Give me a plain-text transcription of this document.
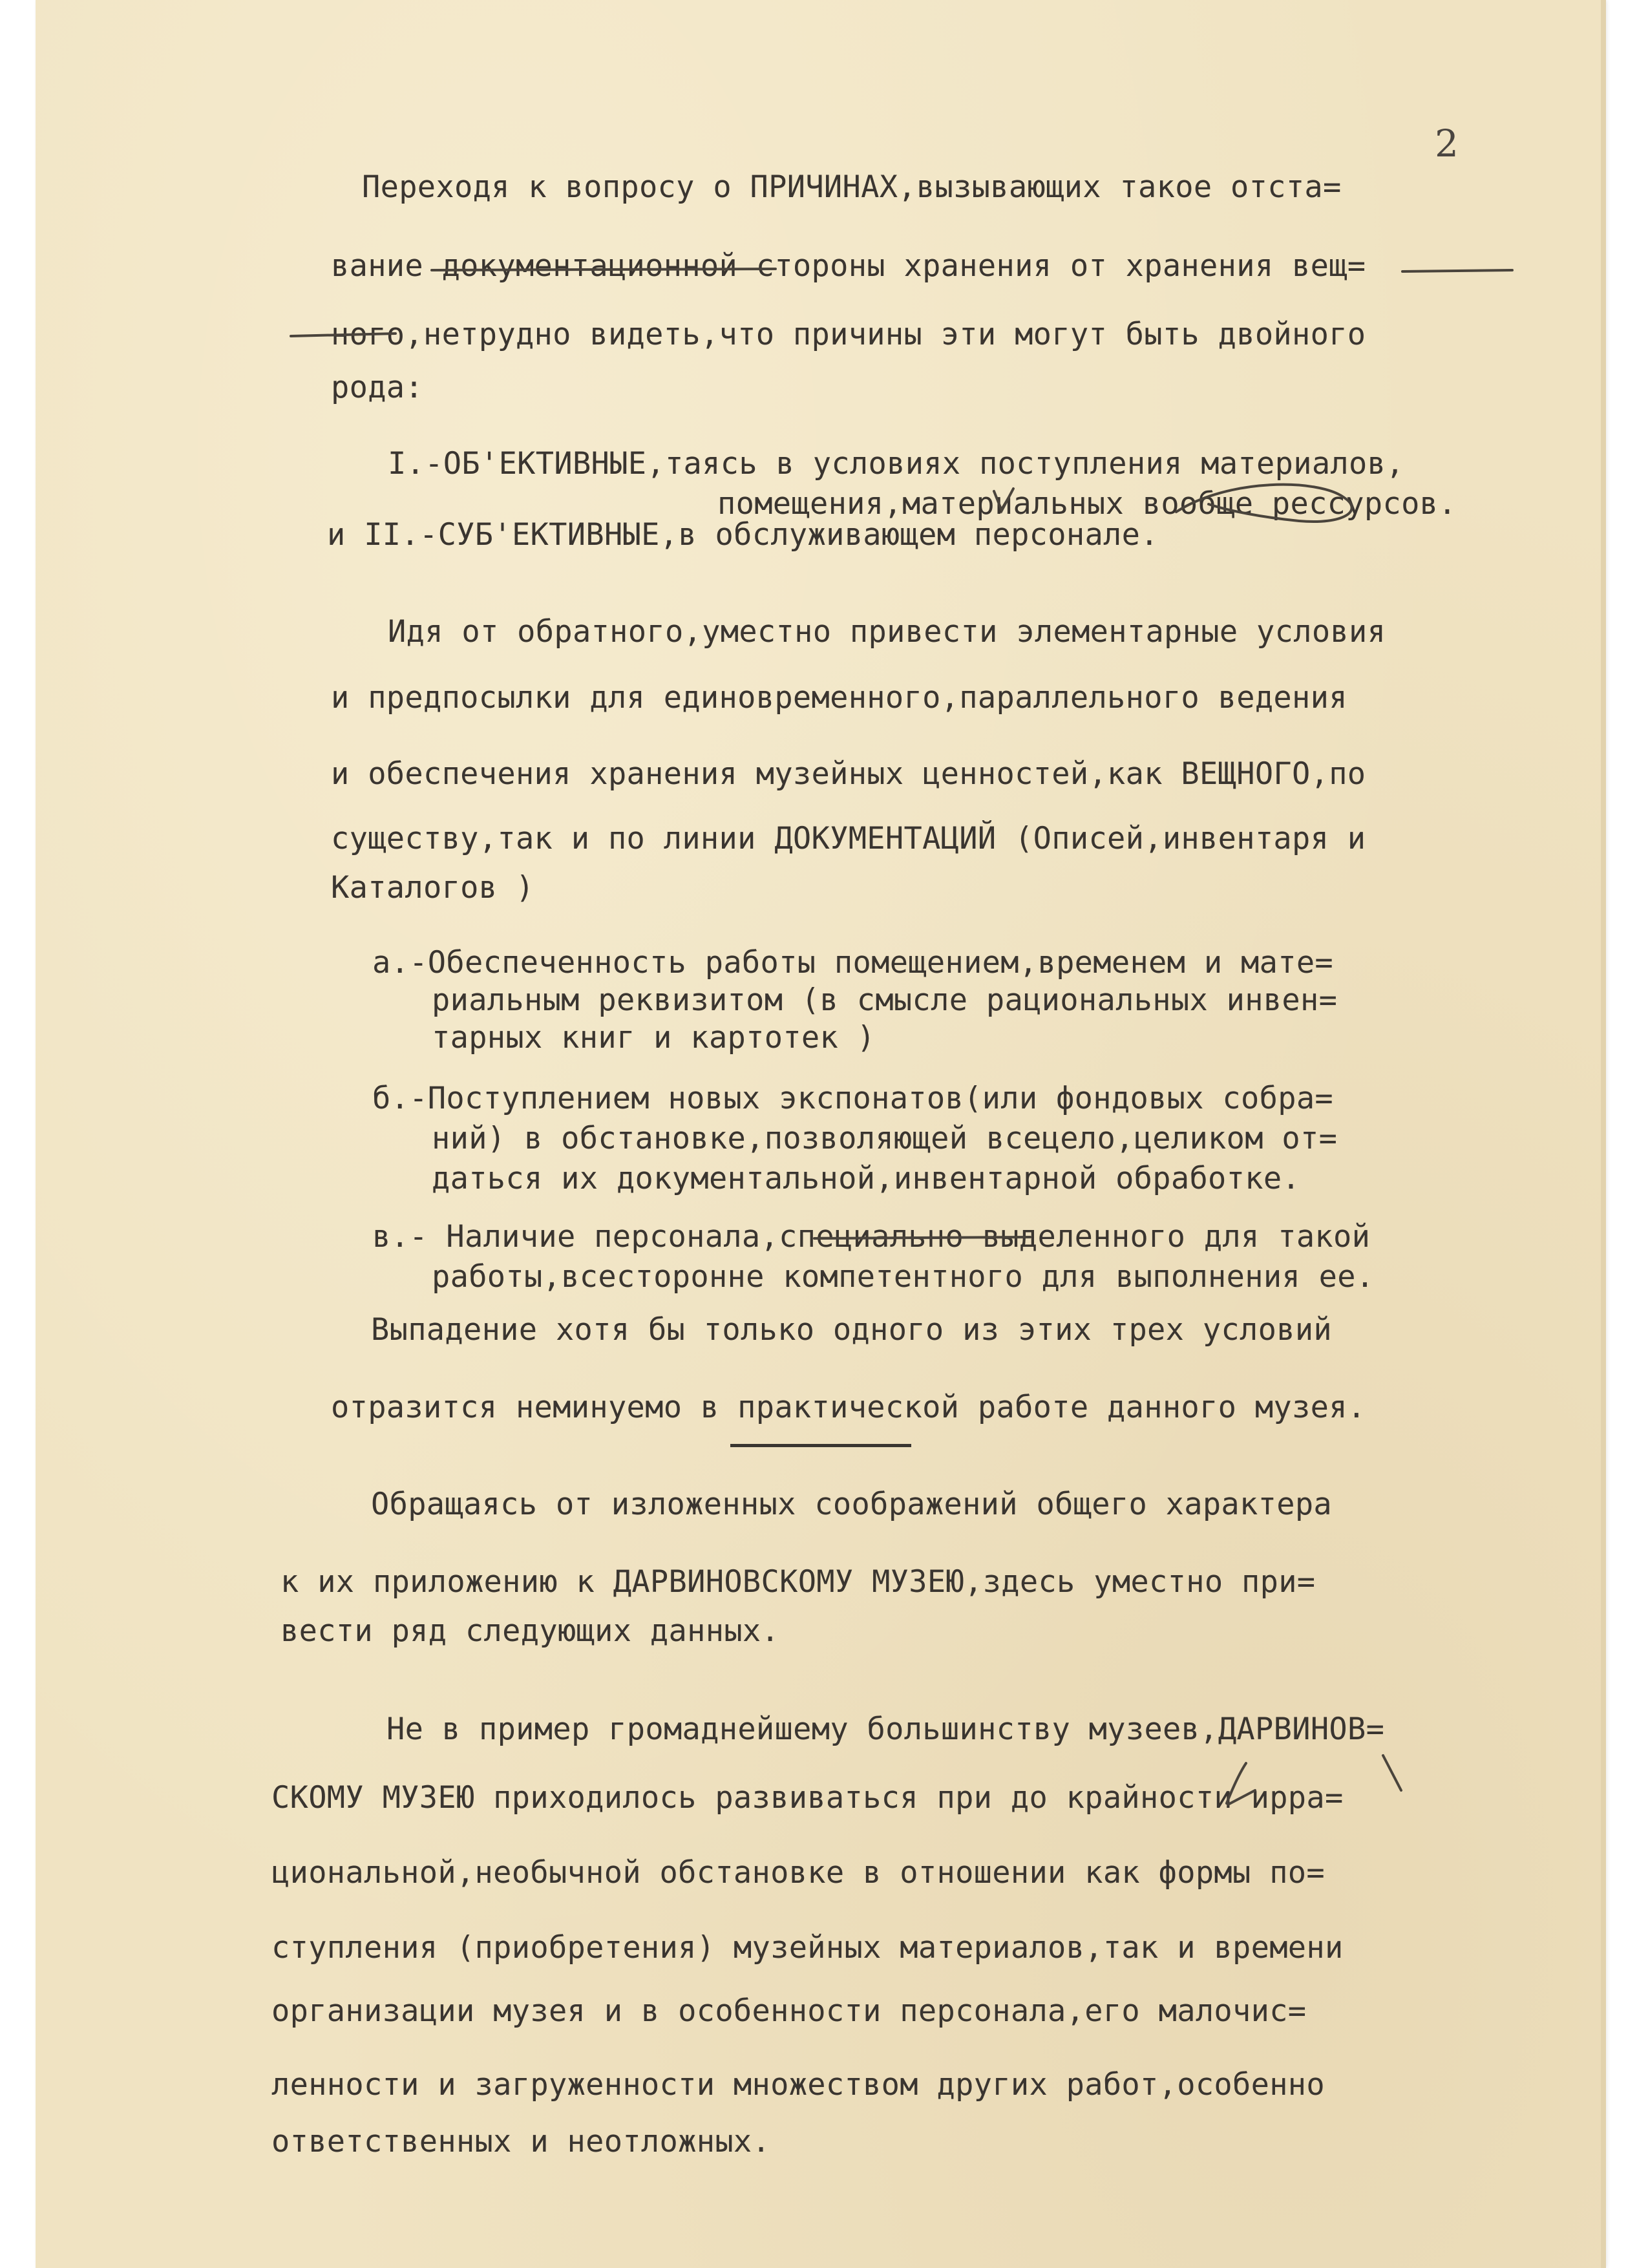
2

Переходя к вопросу о ПРИЧИНАХ,вызывающих такое отста=

вание документационной стороны хранения от хранения вещ=

ного,нетрудно видеть,что причины эти могут быть двойного

рода:

I.-ОБ'ЕКТИВНЫЕ,таясь в условиях поступления материалов,

помещения,материальных вообще рессурсов.

и II.-СУБ'ЕКТИВНЫЕ,в обслуживающем персонале.

Идя от обратного,уместно привести элементарные условия

и предпосылки для единовременного,параллельного ведения

и обеспечения хранения музейных ценностей,как ВЕЩНОГО,по

существу,так и по линии ДОКУМЕНТАЦИЙ (Описей,инвентаря и

Каталогов )

а.-Обеспеченность работы помещением,временем и мате=

риальным реквизитом (в смысле рациональных инвен=

тарных книг и картотек )

б.-Поступлением новых экспонатов(или фондовых собра=

ний) в обстановке,позволяющей всецело,целиком от=

даться их документальной,инвентарной обработке.

в.- Наличие персонала,специально выделенного для такой

работы,всесторонне компетентного для выполнения ее.

Выпадение хотя бы только одного из этих трех условий

отразится неминуемо в практической работе данного музея.

Обращаясь от изложенных соображений общего характера

к их приложению к ДАРВИНОВСКОМУ МУЗЕЮ,здесь уместно при=

вести ряд следующих данных.

Не в пример громаднейшему большинству музеев,ДАРВИНОВ=

СКОМУ МУЗЕЮ приходилось развиваться при до крайности ирра=

циональной,необычной обстановке в отношении как формы по=

ступления (приобретения) музейных материалов,так и времени

организации музея и в особенности персонала,его малочис=

ленности и загруженности множеством других работ,особенно

ответственных и неотложных.
